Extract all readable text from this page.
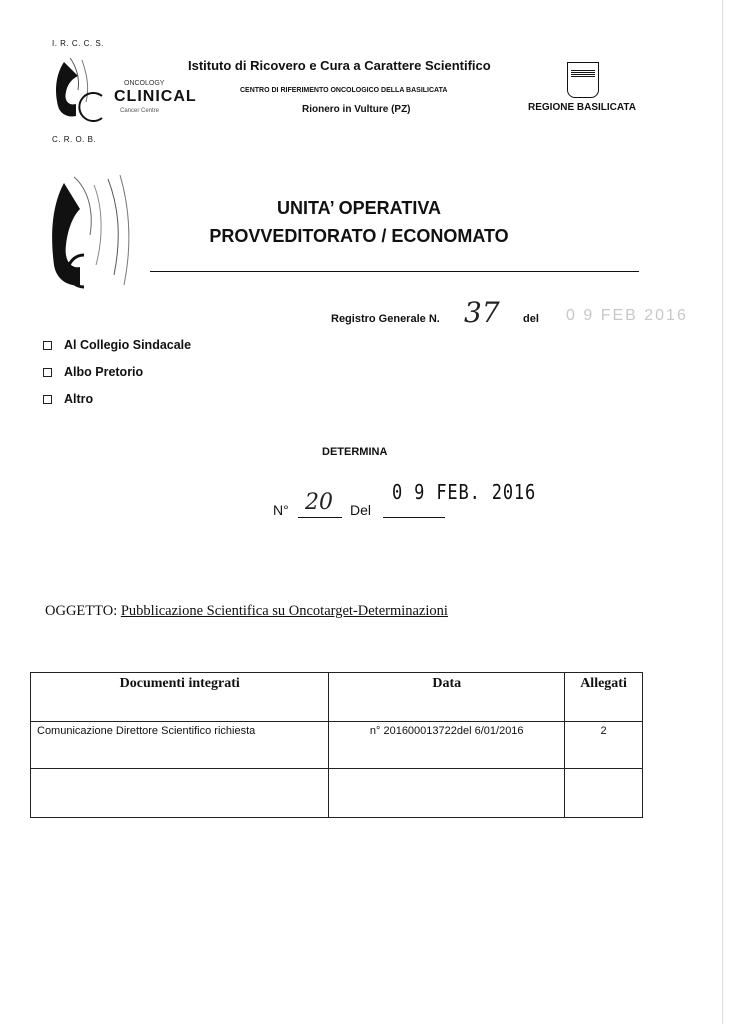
I. R. C. C. S.
ONCOLOGY
CLINICAL
Cancer Centre
Istituto di Ricovero e Cura a Carattere Scientifico
CENTRO DI RIFERIMENTO ONCOLOGICO DELLA BASILICATA
Rionero in Vulture (PZ)	REGIONE BASILICATA
C. R. O. B.
UNITA’ OPERATIVA
PROVVEDITORATO / ECONOMATO
Registro Generale N. 37 del 0 9 FEB 2016
Al Collegio Sindacale
Albo Pretorio
Altro
DETERMINA
0 9 FEB. 2016
N° 20 Del
OGGETTO: Pubblicazione Scientifica su Oncotarget-Determinazioni
Documenti integrati	Data	Allegati
Comunicazione Direttore Scientifico richiesta	n° 201600013722del 6/01/2016	2
